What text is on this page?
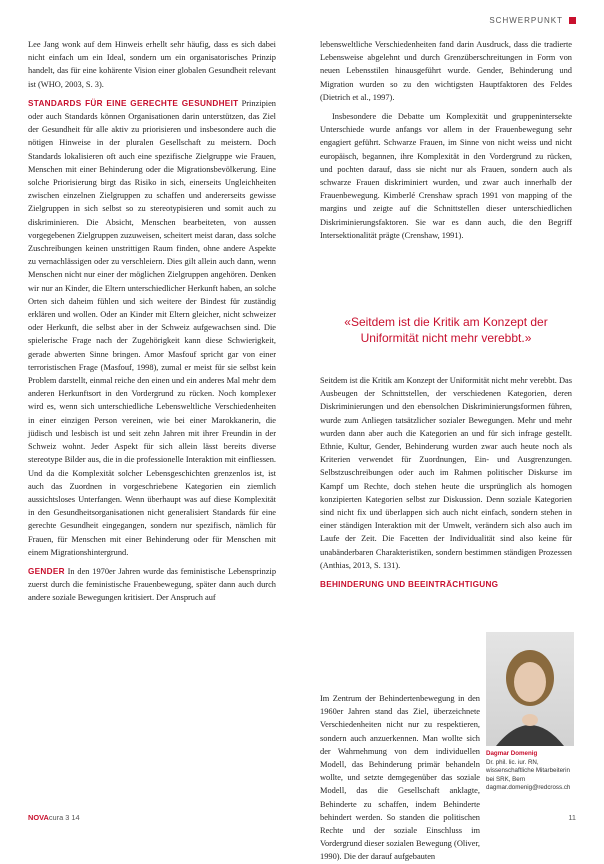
SCHWERPUNKT

Lee Jang wonk auf dem Hinweis erhellt sehr häufig, dass es sich dabei nicht einfach um ein Ideal, sondern um ein organisatorisches Prinzip handelt, das für eine kohärente Vision einer globalen Gesundheit relevant ist (WHO, 2003, S. 3).

STANDARDS FÜR EINE GERECHTE GESUNDHEIT Prinzipien oder auch Standards können Organisationen darin unterstützen, das Ziel der Gesundheit für alle aktiv zu priorisieren und insbesondere auch die nötigen Hinweise in der pluralen Gesellschaft zu meistern. Doch Standards lokalisieren oft auch eine spezifische Zielgruppe wie Frauen, Menschen mit einer Behinderung oder die Migrationsbevölkerung. Eine solche Priorisierung birgt das Risiko in sich, einerseits Ungleichheiten zwischen einzelnen Zielgruppen zu schaffen und andererseits gewisse Zielgruppen in sich selbst so zu stereotypisieren und somit auch zu diskriminieren. Die Absicht, Menschen bearbeiteten, von aussen vorgegebenen Zielgruppen zuzuweisen, scheitert meist daran, dass solche Zuschreibungen keinen unstrittigen Raum finden, ohne andere Aspekte zu vernachlässigen oder zu verschleiern. Dies gilt allein auch dann, wenn Menschen nicht nur einer der möglichen Zielgruppen angehören. Denken wir nur an Kinder, die Eltern unterschiedlicher Herkunft haben, an solche Orten sich daheim fühlen und sich weitere der Bindest für zuständig erklären und wollen. Oder an Kinder mit Eltern gleicher, nicht schweizer oder Herkunft, die selbst aber in der Schweiz aufgewachsen sind. Die spielerische Frage nach der Zugehörigkeit kann diese Schwierigkeit, gerade abwerten Sinne bringen. Amor Masfouf spricht gar von einer terroristischen Frage (Masfouf, 1998), zumal er meist für sie selbst kein Problem darstellt, einmal reiche den einen und ein anderes Mal mehr dem anderen Herkunftsort in den Vordergrund zu rücken. Noch komplexer wird es, wenn sich unterschiedliche Lebensweltliche Verschiedenheiten in einer einzigen Person vereinen, wie bei einer Marokkanerin, die jüdisch und lesbisch ist und seit zehn Jahren mit ihrer Freundin in der Schweiz wohnt. Jeder Aspekt für sich allein lässt bereits diverse stereotype Bilder aus, die in die professionelle Interaktion mit einfliessen. Und da die Komplexität solcher Lebensgeschichten grenzenlos ist, ist auch das Zuordnen in vorgeschriebene Kategorien ein ziemlich aussichtsloses Unterfangen. Wenn überhaupt was auf diese Komplexität in den Gesundheitsorganisationen nicht generalisiert Standards für eine gerechte Gesundheit eingegangen, sondern nur spezifisch, nämlich für Frauen, für Menschen mit einer Behinderung oder für Menschen mit einem Migrationshintergrund.

GENDER In den 1970er Jahren wurde das feministische Lebensprinzip zuerst durch die feministische Frauenbewegung, später dann auch durch andere soziale Bewegungen kritisiert. Der Anspruch auf

lebensweltliche Verschiedenheiten fand darin Ausdruck, dass die tradierte Lebensweise abgelehnt und durch Grenzüberschreitungen in Form von neuen Lebensstilen hinausgeführt wurde. Gender, Behinderung und Migration wurden so zu den wichtigsten Hauptfaktoren des Feldes (Dietrich et al., 1997).

Insbesondere die Debatte um Komplexität und gruppenintersekte Unterschiede wurde anfangs vor allem in der Frauenbewegung sehr engagiert geführt. Schwarze Frauen, im Sinne von nicht weiss und nicht europäisch, begannen, ihre Komplexität in den Vordergrund zu rücken, und pochten darauf, dass sie nicht nur als Frauen, sondern auch als schwarze Frauen diskriminiert wurden, und zwar auch innerhalb der Frauenbewegung. Kimberlé Crenshaw sprach 1991 von mapping of the margins und zeigte auf die Schnittstellen dieser unterschiedlichen Diskriminierungsfaktoren. Sie war es dann auch, die den Begriff Intersektionalität prägte (Crenshaw, 1991).

«Seitdem ist die Kritik am Konzept der Uniformität nicht mehr verebbt.»

Seitdem ist die Kritik am Konzept der Uniformität nicht mehr verebbt. Das Ausbeugen der Schnittstellen, der verschiedenen Kategorien, deren Diskriminierungen und den ebensolchen Diskriminierungsformen führen, wurde zum Anliegen tatsätzlicher sozialer Bewegungen. Mehr und mehr wurden dann aber auch die Kategorien an und für sich infrage gestellt. Ethnie, Kultur, Gender, Behinderung wurden zwar auch heute noch als Kriterien verwendet für Zuordnungen, Ein- und Ausgrenzungen. Selbstzuschreibungen oder auch im Rahmen politischer Diskurse im Kampf um Rechte, doch stehen heute die ursprünglich als homogen konzipierten Kategorien selbst zur Diskussion. Denn soziale Kategorien sind nicht fix und überlappen sich auch nicht einfach, sondern stehen in einer ständigen Interaktion mit der Umwelt, verändern sich also auch im Laufe der Zeit. Die Facetten der Individualität sind also keine für unabänderbaren Charakteristiken, sondern bestimmen ständigen Prozessen (Anthias, 2013, S. 131).

BEHINDERUNG UND BEEINTRÄCHTIGUNG

Im Zentrum der Behindertenbewegung in den 1960er Jahren stand das Ziel, überzeichnete Verschiedenheiten nicht nur zu respektieren, sondern auch anzuerkennen. Man wollte sich der Wahrnehmung von dem individuellen Modell, das Behinderung primär behandeln wollte, und setzte demgegenüber das soziale Modell, das die Gesellschaft anklagte, Behinderte zu schaffen, indem Behinderte behindert werden. So standen die politischen Rechte und der soziale Einschluss im Vordergrund dieser sozialen Bewegung (Oliver, 1990). Die der darauf aufgebauten

Dagmar Domenig
Dr. phil. lic. iur. RN, wissenschaftliche Mitarbeiterin bei SRK, Bern
dagmar.domenig@redcross.ch
NOVAcura 3 14	11
